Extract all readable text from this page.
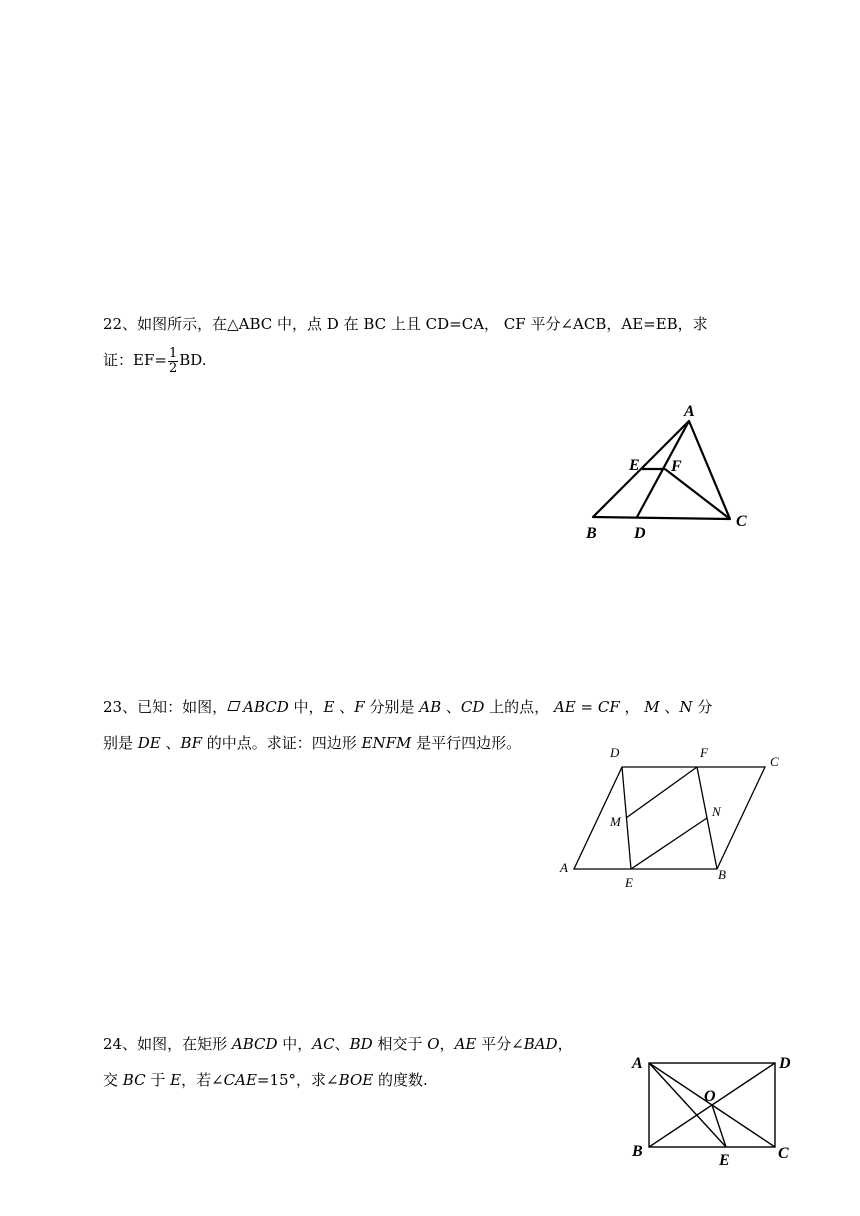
22、如图所示，在△ABC 中，点 D 在 BC 上且 CD=CA， CF 平分∠ACB，AE=EB，求
证：$EF= \frac{1}{2}$ BD.
A
E F
B D
C
23、已知：如图， ABCD 中，E 、F 分别是 AB 、CD 上的点， AE = CF ， M 、N 分
别是 DE 、BF 的中点。求证：四边形 ENFM 是平行四边形。
D	F
C
M
N
A
E
B
24、如图，在矩形 ABCD 中，AC、BD 相交于 O，AE 平分∠BAD，
交 BC 于 E，若∠CAE=15°，求∠BOE 的度数.
A	D
O
B
E	C
